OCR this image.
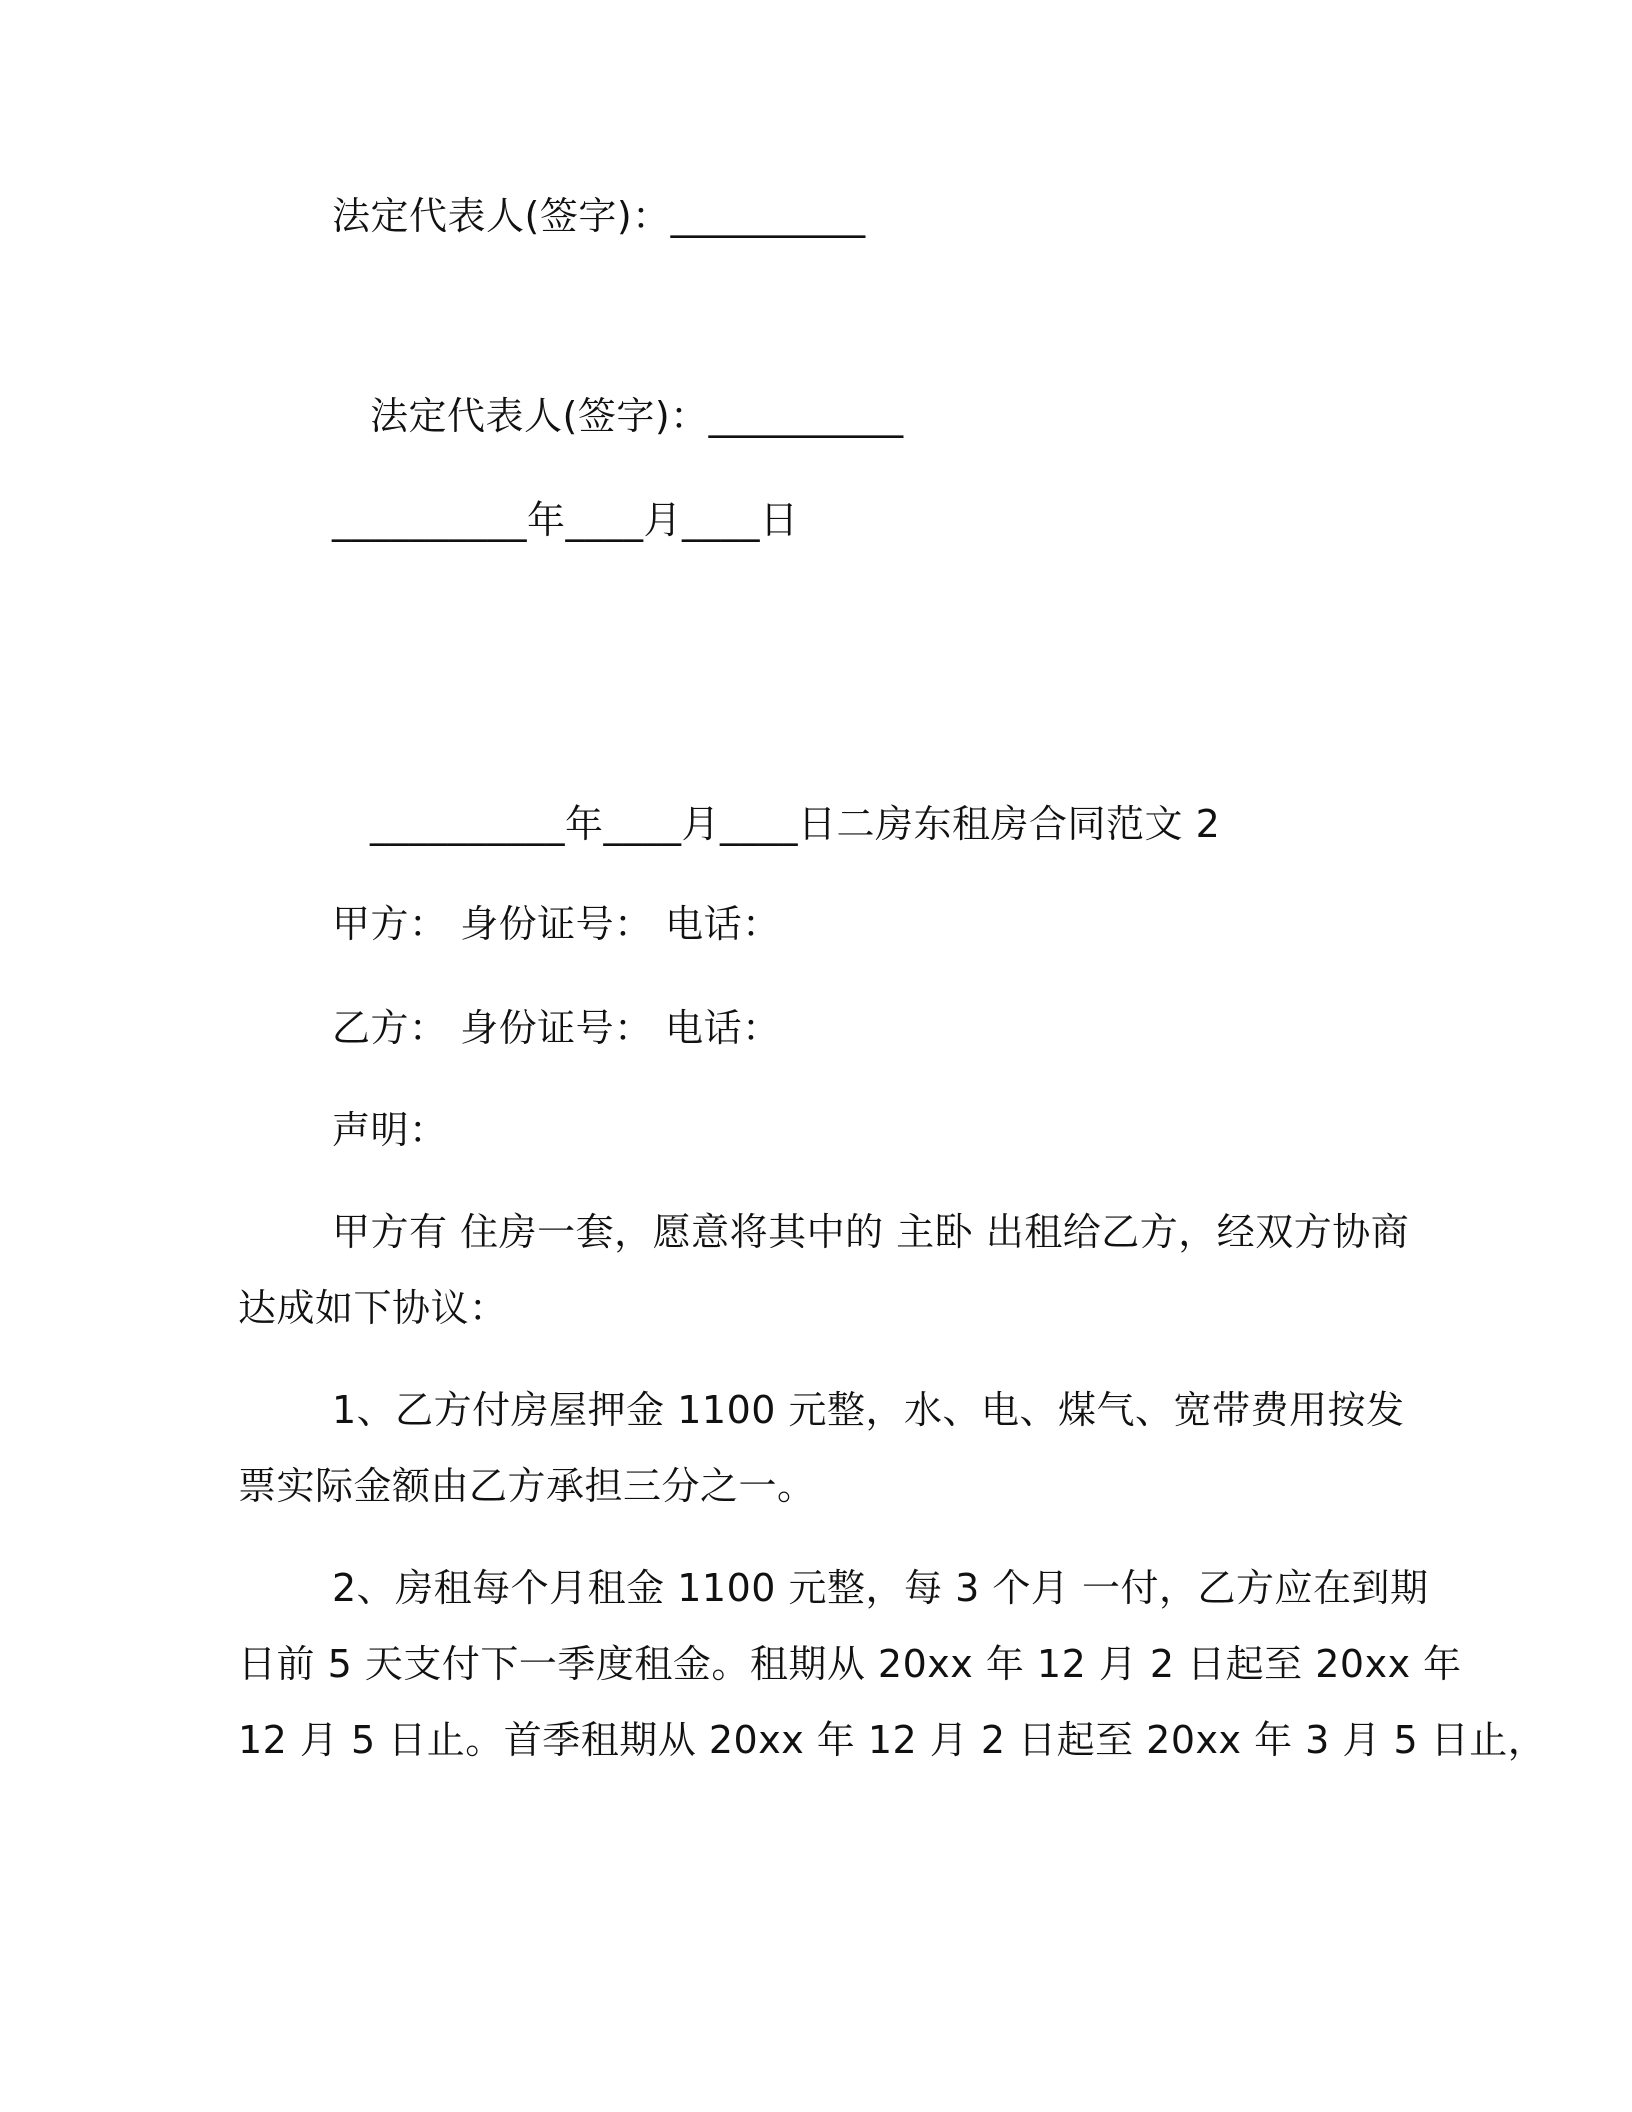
法定代表人(签字)：__________
法定代表人(签字)：__________
__________年____月____日
__________年____月____日二房东租房合同范文 2
甲方： 身份证号： 电话：
乙方： 身份证号： 电话：
声明：
甲方有 住房一套，愿意将其中的 主卧 出租给乙方，经双方协商
达成如下协议：
1、乙方付房屋押金 1100 元整，水、电、煤气、宽带费用按发
票实际金额由乙方承担三分之一。
2、房租每个月租金 1100 元整，每 3 个月 一付，乙方应在到期
日前 5 天支付下一季度租金。租期从 20xx 年 12 月 2 日起至 20xx 年
12 月 5 日止。首季租期从 20xx 年 12 月 2 日起至 20xx 年 3 月 5 日止，
